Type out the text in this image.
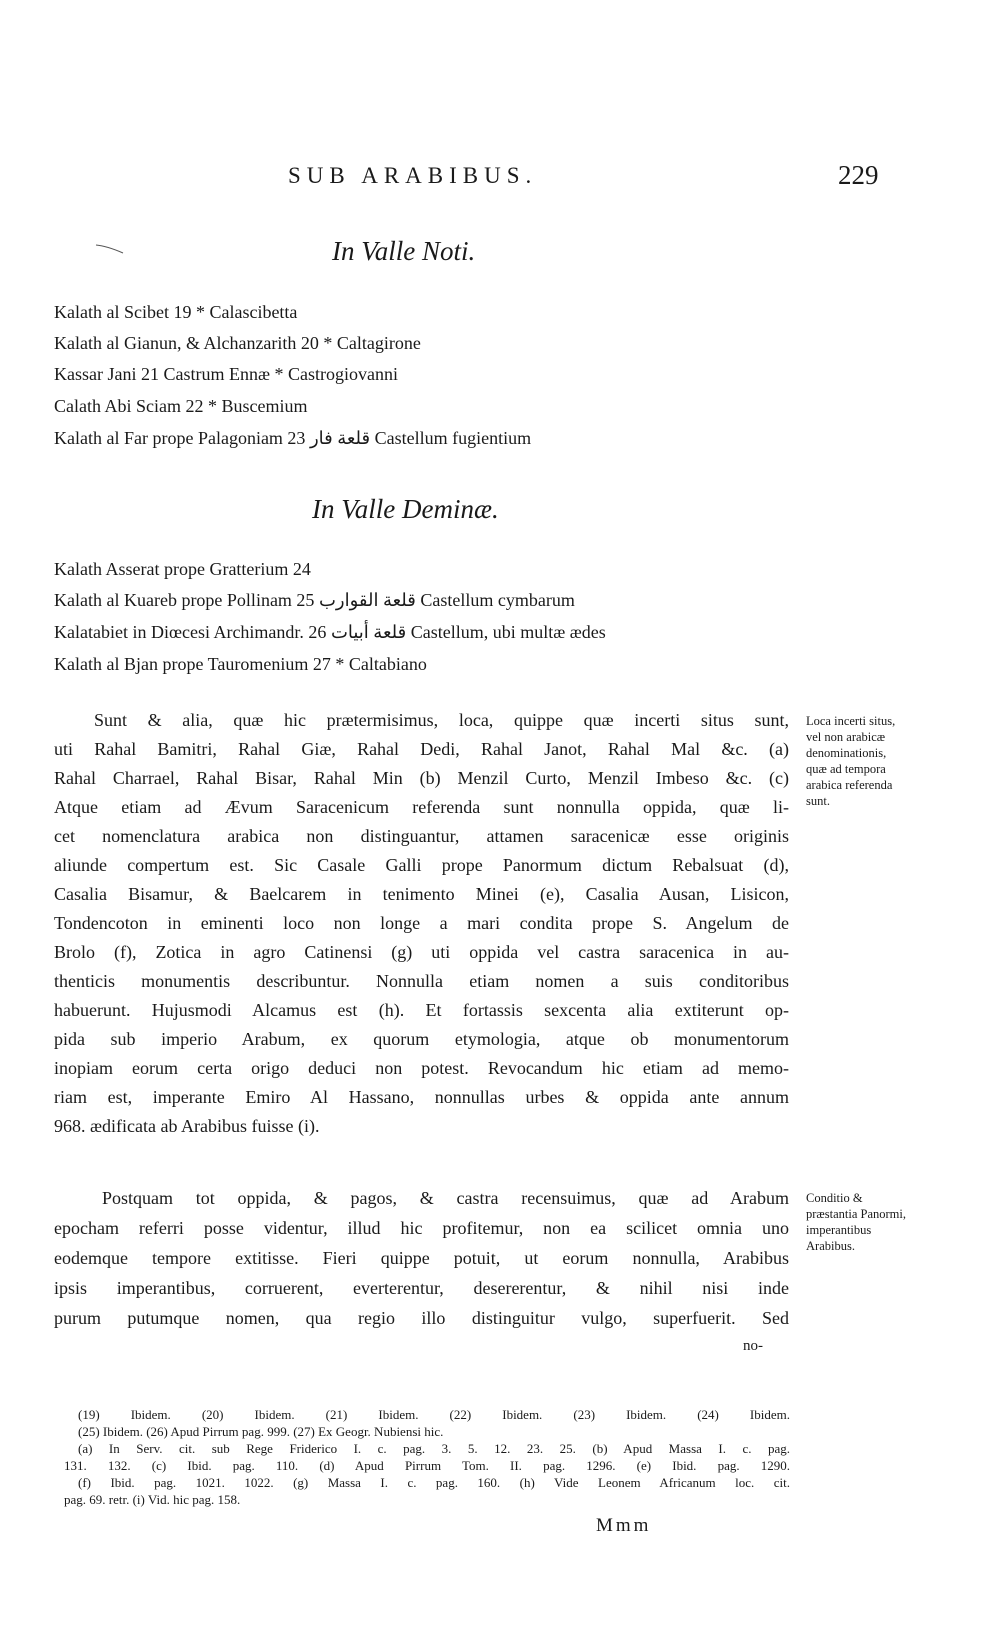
SUB ARABIBUS.	229
In Valle Noti.
Kalath al Scibet 19 * Calascibetta
Kalath al Gianun, & Alchanzarith 20 * Caltagirone
Kassar Jani 21 Castrum Ennæ * Castrogiovanni
Calath Abi Sciam 22 * Buscemium
Kalath al Far prope Palagoniam 23 قلعة فار Castellum fugientium
In Valle Deminæ.
Kalath Asserat prope Gratterium 24
Kalath al Kuareb prope Pollinam 25 قلعة القوارب Castellum cymbarum
Kalatabiet in Diœcesi Archimandr. 26 قلعة أبيات Castellum, ubi multæ ædes
Kalath al Bjan prope Tauromenium 27 * Caltabiano
Sunt & alia, quæ hic prætermisimus, loca, quippe quæ incerti situs sunt,
uti Rahal Bamitri, Rahal Giæ, Rahal Dedi, Rahal Janot, Rahal Mal &c. (a)
Rahal Charrael, Rahal Bisar, Rahal Min (b) Menzil Curto, Menzil Imbeso &c. (c)
Atque etiam ad Ævum Saracenicum referenda sunt nonnulla oppida, quæ li-
cet nomenclatura arabica non distinguantur, attamen saracenicæ esse originis
aliunde compertum est. Sic Casale Galli prope Panormum dictum Rebalsuat (d),
Casalia Bisamur, & Baelcarem in tenimento Minei (e), Casalia Ausan, Lisicon,
Tondencoton in eminenti loco non longe a mari condita prope S. Angelum de
Brolo (f), Zotica in agro Catinensi (g) uti oppida vel castra saracenica in au-
thenticis monumentis describuntur. Nonnulla etiam nomen a suis conditoribus
habuerunt. Hujusmodi Alcamus est (h). Et fortassis sexcenta alia extiterunt op-
pida sub imperio Arabum, ex quorum etymologia, atque ob monumentorum
inopiam eorum certa origo deduci non potest. Revocandum hic etiam ad memo-
riam est, imperante Emiro Al Hassano, nonnullas urbes & oppida ante annum
968. ædificata ab Arabibus fuisse (i).
Loca incerti situs, vel non arabicæ denominationis, quæ ad tempora arabica referenda sunt.
Postquam tot oppida, & pagos, & castra recensuimus, quæ ad Arabum
epocham referri posse videntur, illud hic profitemur, non ea scilicet omnia uno
eodemque tempore extitisse. Fieri quippe potuit, ut eorum nonnulla, Arabibus
ipsis imperantibus, corruerent, everterentur, desererentur, & nihil nisi inde
purum putumque nomen, qua regio illo distinguitur vulgo, superfuerit. Sed
Conditio & præstantia Panormi, imperantibus Arabibus.
no-
(19) Ibidem. (20) Ibidem. (21) Ibidem. (22) Ibidem. (23) Ibidem. (24) Ibidem.
(25) Ibidem. (26) Apud Pirrum pag. 999. (27) Ex Geogr. Nubiensi hic.
(a) In Serv. cit. sub Rege Friderico I. c. pag. 3. 5. 12. 23. 25. (b) Apud Massa I. c. pag.
131. 132. (c) Ibid. pag. 110. (d) Apud Pirrum Tom. II. pag. 1296. (e) Ibid. pag. 1290.
(f) Ibid. pag. 1021. 1022. (g) Massa I. c. pag. 160. (h) Vide Leonem Africanum loc. cit.
pag. 69. retr. (i) Vid. hic pag. 158.
Mmm
